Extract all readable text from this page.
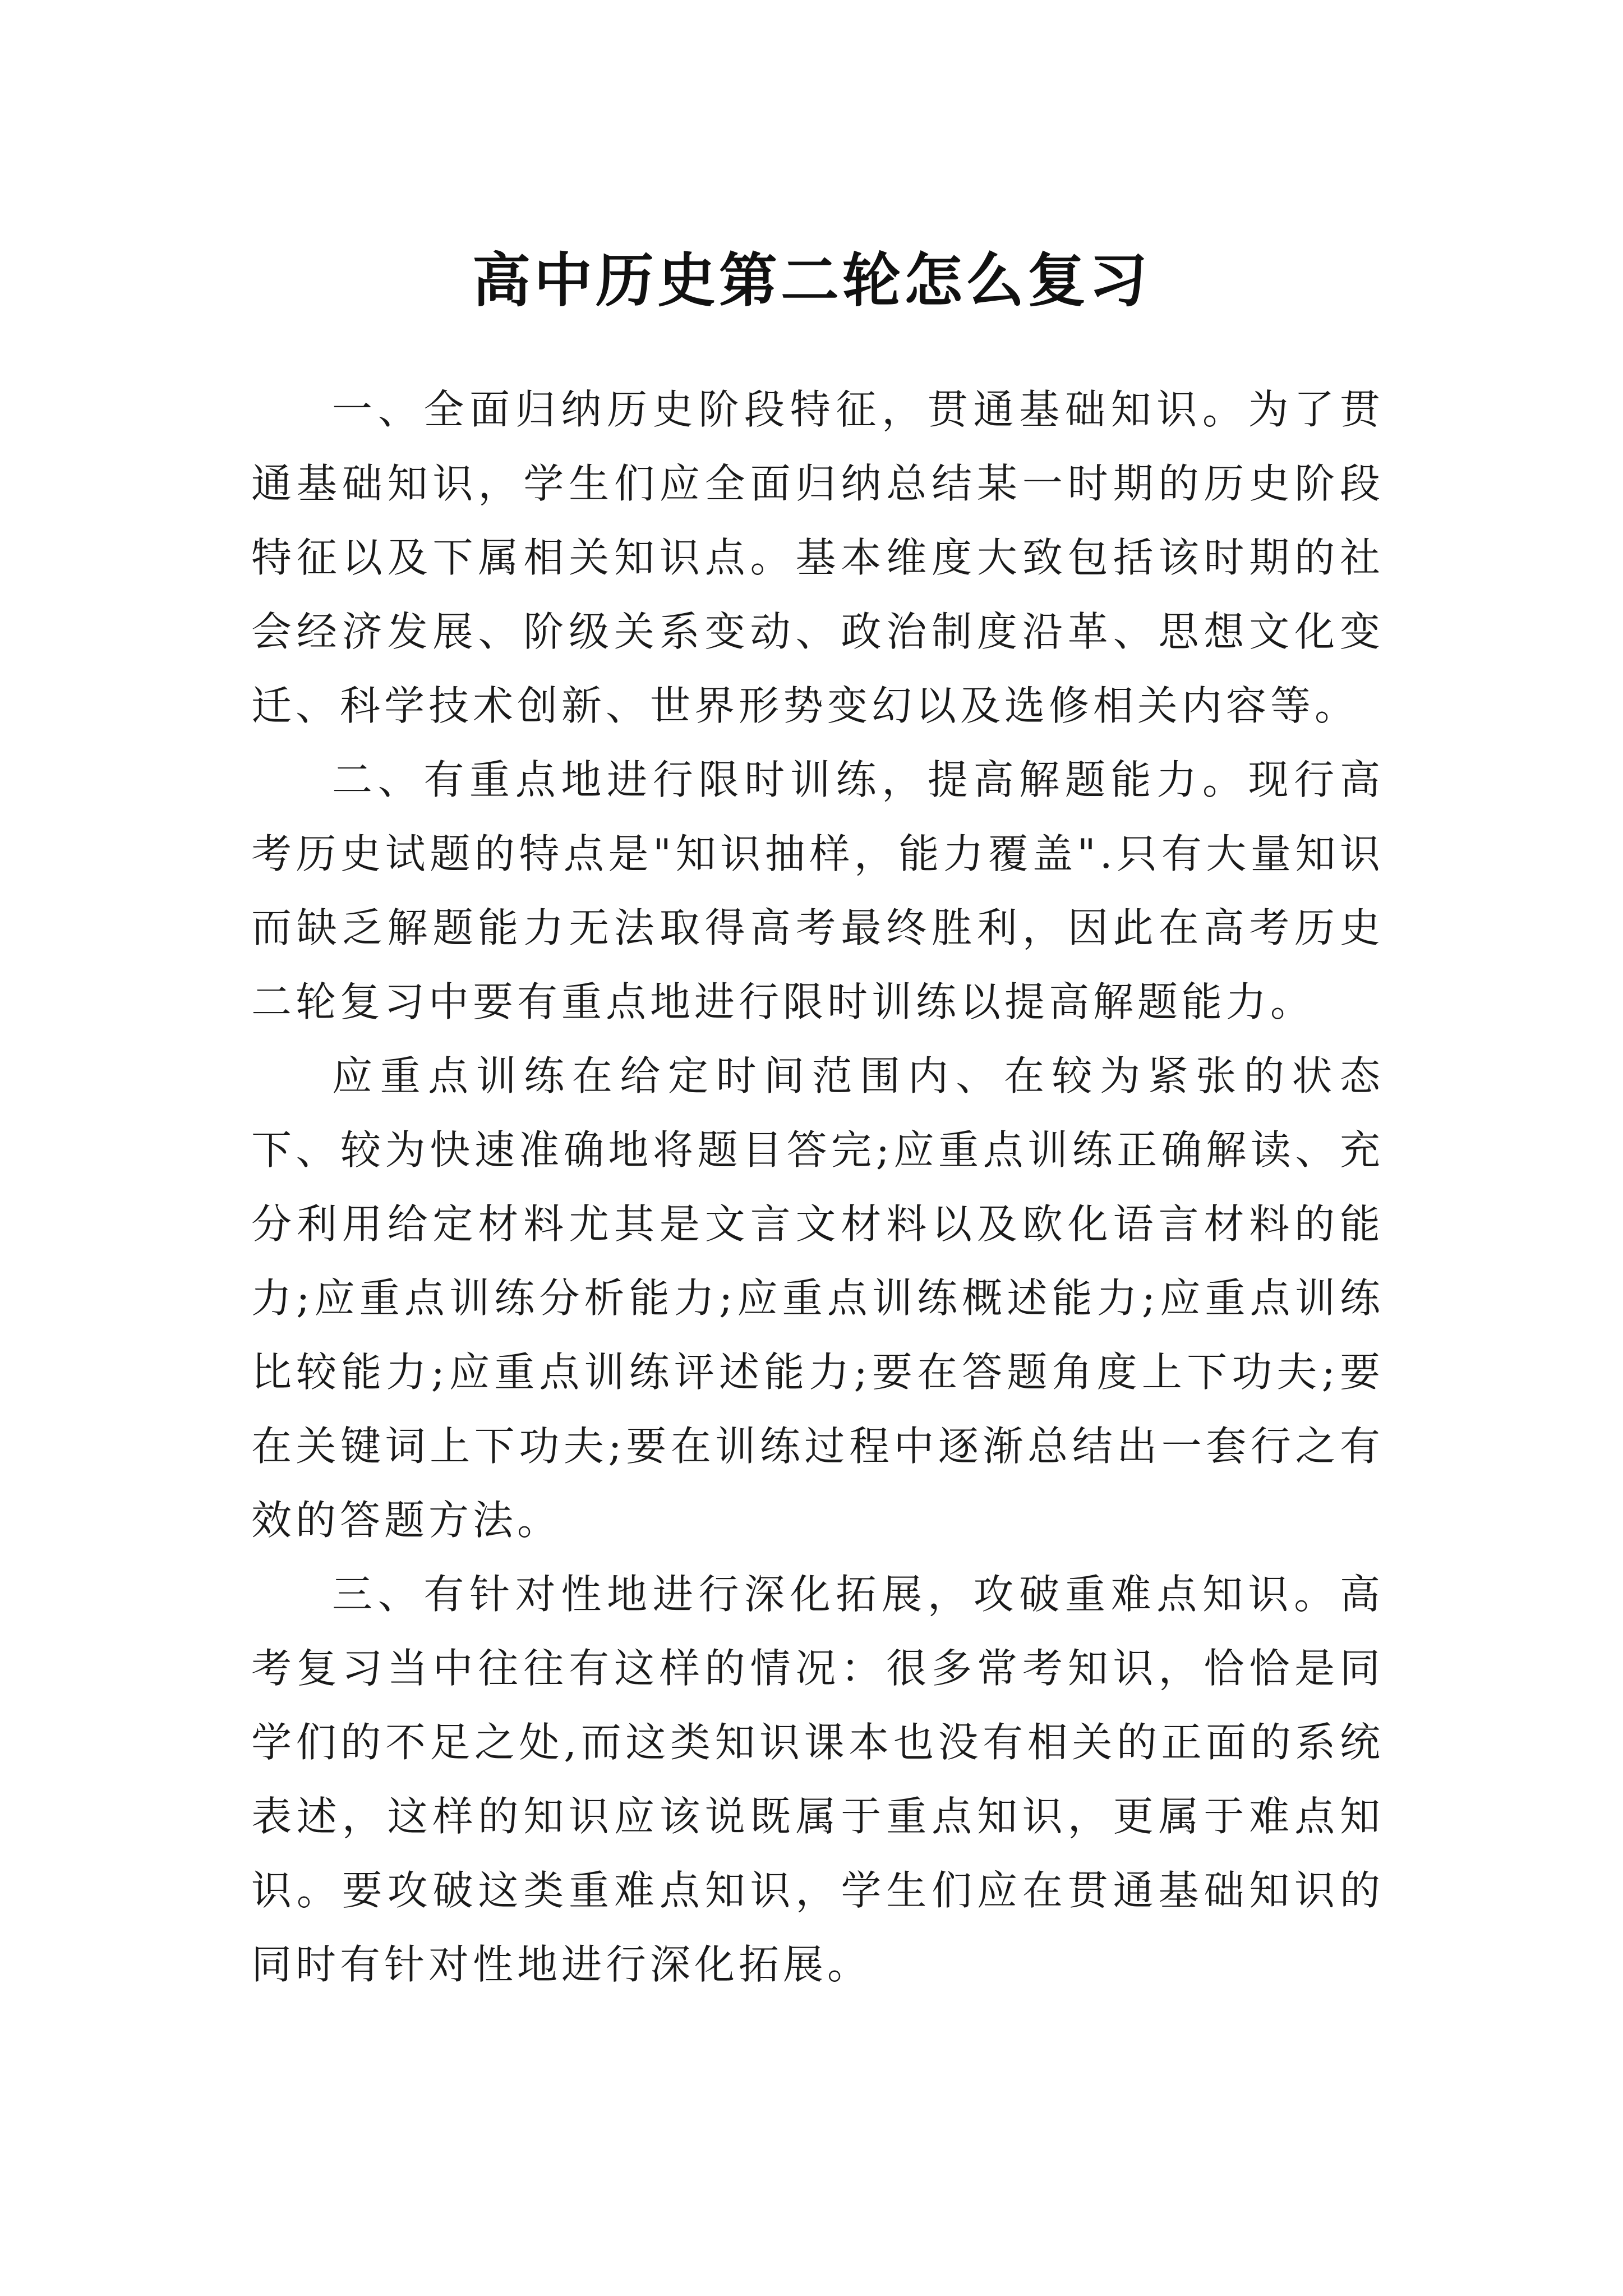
高中历史第二轮怎么复习

一、全面归纳历史阶段特征，贯通基础知识。为了贯通基础知识，学生们应全面归纳总结某一时期的历史阶段特征以及下属相关知识点。基本维度大致包括该时期的社会经济发展、阶级关系变动、政治制度沿革、思想文化变迁、科学技术创新、世界形势变幻以及选修相关内容等。

二、有重点地进行限时训练，提高解题能力。现行高考历史试题的特点是"知识抽样，能力覆盖".只有大量知识而缺乏解题能力无法取得高考最终胜利，因此在高考历史二轮复习中要有重点地进行限时训练以提高解题能力。

应重点训练在给定时间范围内、在较为紧张的状态下、较为快速准确地将题目答完;应重点训练正确解读、充分利用给定材料尤其是文言文材料以及欧化语言材料的能力;应重点训练分析能力;应重点训练概述能力;应重点训练比较能力;应重点训练评述能力;要在答题角度上下功夫;要在关键词上下功夫;要在训练过程中逐渐总结出一套行之有效的答题方法。

三、有针对性地进行深化拓展，攻破重难点知识。高考复习当中往往有这样的情况：很多常考知识，恰恰是同学们的不足之处,而这类知识课本也没有相关的正面的系统表述，这样的知识应该说既属于重点知识，更属于难点知识。要攻破这类重难点知识，学生们应在贯通基础知识的同时有针对性地进行深化拓展。
